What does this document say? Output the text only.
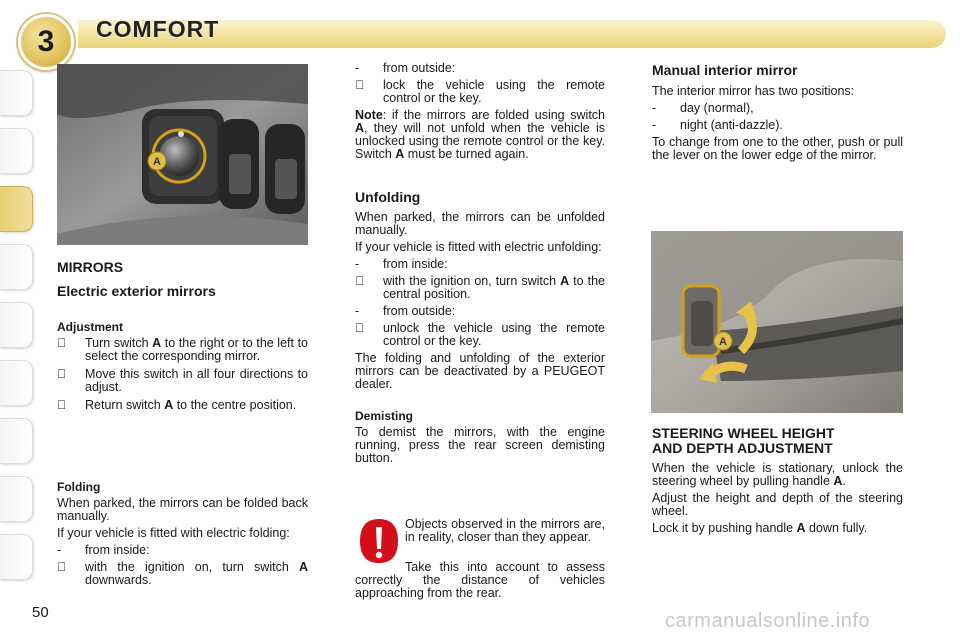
3 COMFORT
A
MIRRORS
Electric exterior mirrors
Adjustment
Turn switch A to the right or to the left to select the corresponding mirror.
Move this switch in all four directions to adjust.
Return switch A to the centre position.
Folding
When parked, the mirrors can be folded back manually.
If your vehicle is fitted with electric folding:
-	from inside:
with the ignition on, turn switch A downwards.
-	from outside:
lock the vehicle using the remote control or the key.
Note: if the mirrors are folded using switch A, they will not unfold when the vehicle is unlocked using the remote control or the key. Switch A must be turned again.
Unfolding
When parked, the mirrors can be unfolded manually.
If your vehicle is fitted with electric unfolding:
-	from inside:
with the ignition on, turn switch A to the central position.
-	from outside:
unlock the vehicle using the remote control or the key.
The folding and unfolding of the exterior mirrors can be deactivated by a PEUGEOT dealer.
Demisting
To demist the mirrors, with the engine running, press the rear screen demisting button.
Objects observed in the mirrors are, in reality, closer than they appear.
Take this into account to assess correctly the distance of vehicles approaching from the rear.
Manual interior mirror
The interior mirror has two positions:
-	day (normal),
-	night (anti-dazzle).
To change from one to the other, push or pull the lever on the lower edge of the mirror.
A
STEERING WHEEL HEIGHT
AND DEPTH ADJUSTMENT
When the vehicle is stationary, unlock the steering wheel by pulling handle A.
Adjust the height and depth of the steering wheel.
Lock it by pushing handle A down fully.
50	carmanualsonline.info
